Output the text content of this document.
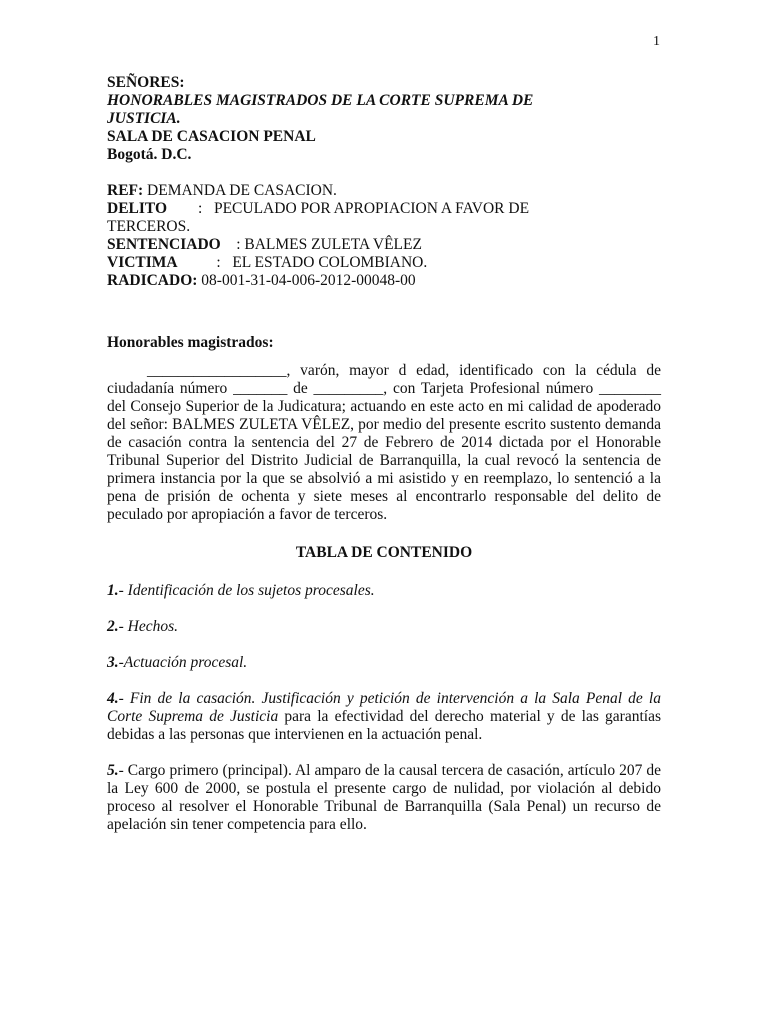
1
SEÑORES:
HONORABLES MAGISTRADOS DE LA CORTE SUPREMA DE
JUSTICIA.
SALA DE CASACION PENAL
Bogotá. D.C.
REF: DEMANDA DE CASACION.
DELITO : PECULADO POR APROPIACION A FAVOR DE
TERCEROS.
SENTENCIADO : BALMES ZULETA VÊLEZ
VICTIMA : EL ESTADO COLOMBIANO.
RADICADO: 08-001-31-04-006-2012-00048-00
Honorables magistrados:

__________________, varón, mayor d edad, identificado con la cédula de ciudadanía número _______ de _________, con Tarjeta Profesional número ________ del Consejo Superior de la Judicatura; actuando en este acto en mi calidad de apoderado del señor: BALMES ZULETA VÊLEZ, por medio del presente escrito sustento demanda de casación contra la sentencia del 27 de Febrero de 2014 dictada por el Honorable Tribunal Superior del Distrito Judicial de Barranquilla, la cual revocó la sentencia de primera instancia por la que se absolvió a mi asistido y en reemplazo, lo sentenció a la pena de prisión de ochenta y siete meses al encontrarlo responsable del delito de peculado por apropiación a favor de terceros.

TABLA DE CONTENIDO

1.- Identificación de los sujetos procesales.

2.- Hechos.

3.-Actuación procesal.

4.- Fin de la casación. Justificación y petición de intervención a la Sala Penal de la Corte Suprema de Justicia para la efectividad del derecho material y de las garantías debidas a las personas que intervienen en la actuación penal.

5.- Cargo primero (principal). Al amparo de la causal tercera de casación, artículo 207 de la Ley 600 de 2000, se postula el presente cargo de nulidad, por violación al debido proceso al resolver el Honorable Tribunal de Barranquilla (Sala Penal) un recurso de apelación sin tener competencia para ello.
